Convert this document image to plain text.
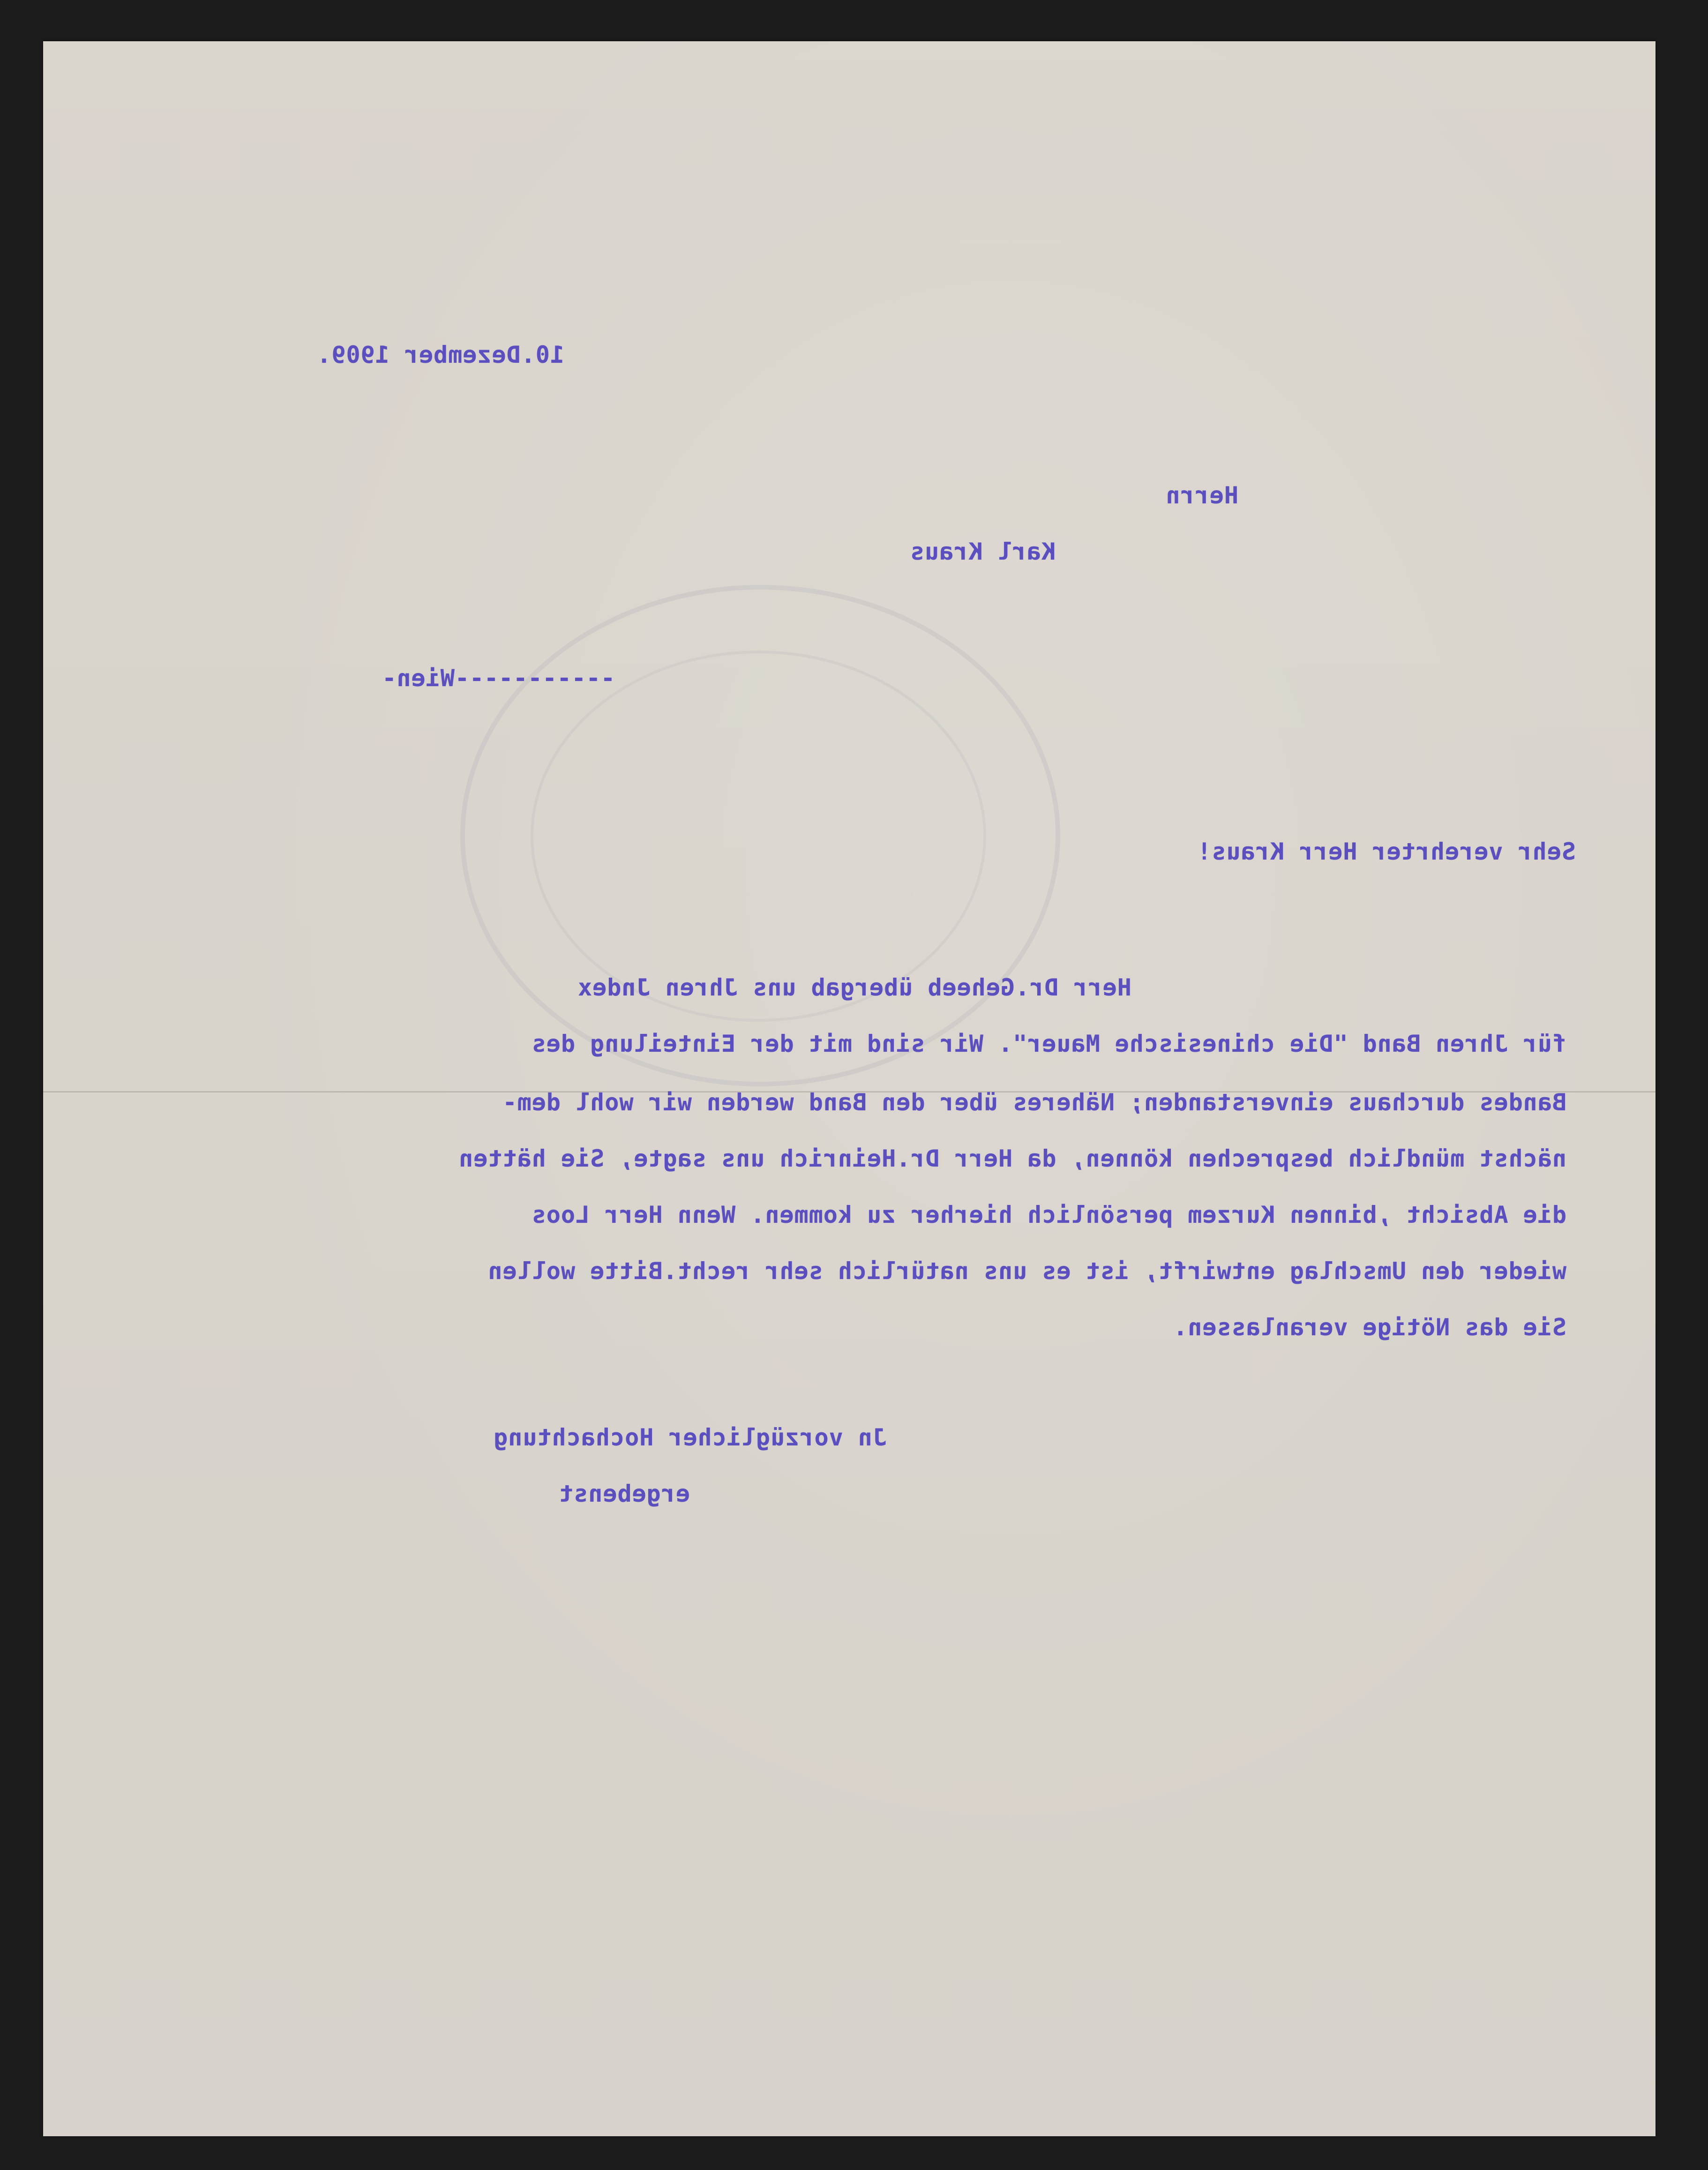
10.Dezember 1909.
Herrn
Karl Kraus
-----------Wien-
Sehr verehrter Herr Kraus!
Herr Dr.Geheeb übergab uns Jhren Jndex
für Jhren Band "Die chinesische Mauer". Wir sind mit der Einteilung des
Bandes durchaus einverstanden; Näheres über den Band werden wir wohl dem-
nächst mündlich besprechen können, da Herr Dr.Heinrich uns sagte, Sie hätten
die Absicht ,binnen Kurzem persönlich hierher zu kommen. Wenn Herr Loos
wieder den Umschlag entwirft, ist es uns natürlich sehr recht.Bitte wollen
Sie das Nötige veranlassen.
Jn vorzüglicher Hochachtung
ergebenst
